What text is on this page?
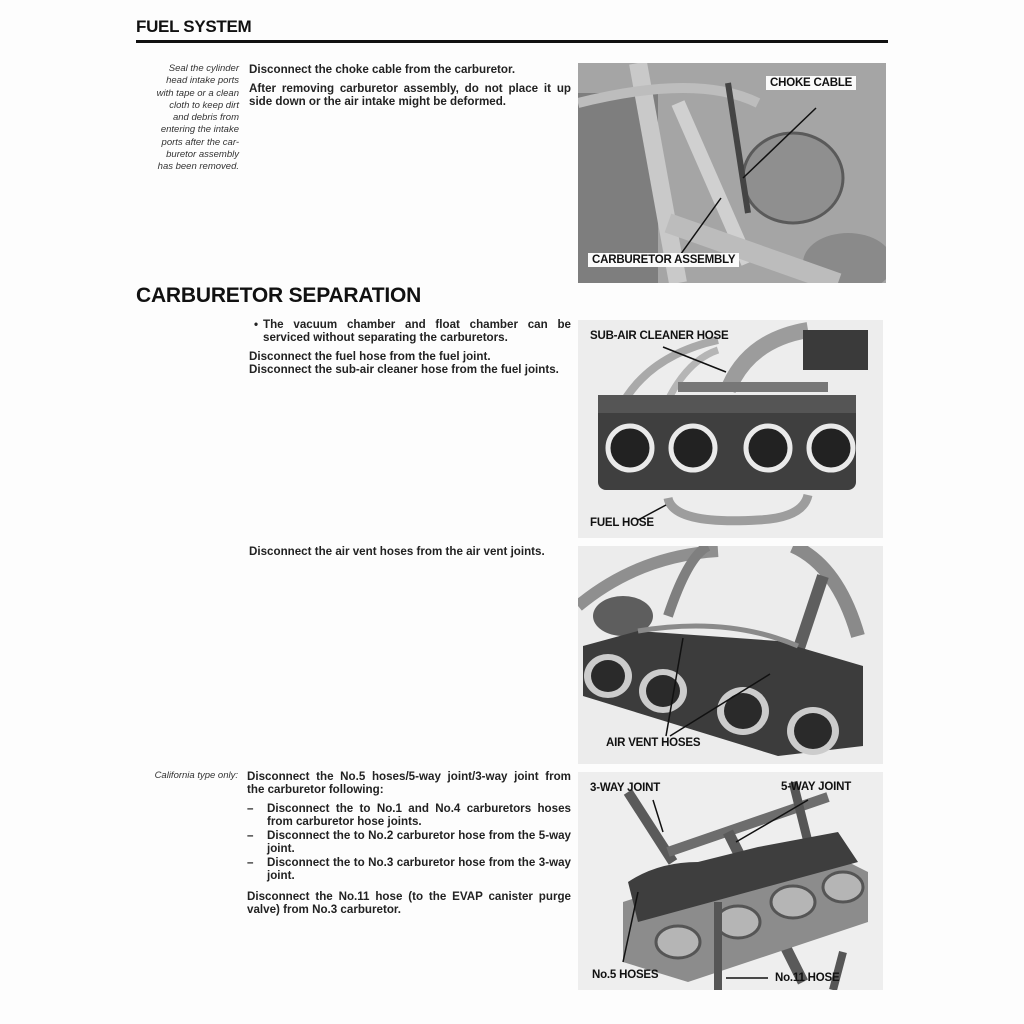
FUEL SYSTEM
Seal the cylinder
head intake ports
with tape or a clean
cloth to keep dirt
and debris from
entering the intake
ports after the car-
buretor assembly
has been removed.

Disconnect the choke cable from the carburetor.

After removing carburetor assembly, do not place it up side down or the air intake might be deformed.

CHOKE CABLE
CARBURETOR ASSEMBLY
CARBURETOR SEPARATION
• The vacuum chamber and float chamber can be serviced without separating the carburetors.
Disconnect the fuel hose from the fuel joint.
Disconnect the sub-air cleaner hose from the fuel joints.
SUB-AIR CLEANER HOSE
FUEL HOSE
Disconnect the air vent hoses from the air vent joints.
AIR VENT HOSES
California type only: Disconnect the No.5 hoses/5-way joint/3-way joint from the carburetor following:
–	Disconnect the to No.1 and No.4 carburetors hoses from carburetor hose joints.
–	Disconnect the to No.2 carburetor hose from the 5-way joint.
–	Disconnect the to No.3 carburetor hose from the 3-way joint.
Disconnect the No.11 hose (to the EVAP canister purge valve) from No.3 carburetor.
3-WAY JOINT	5-WAY JOINT
No.5 HOSES	No.11 HOSE
